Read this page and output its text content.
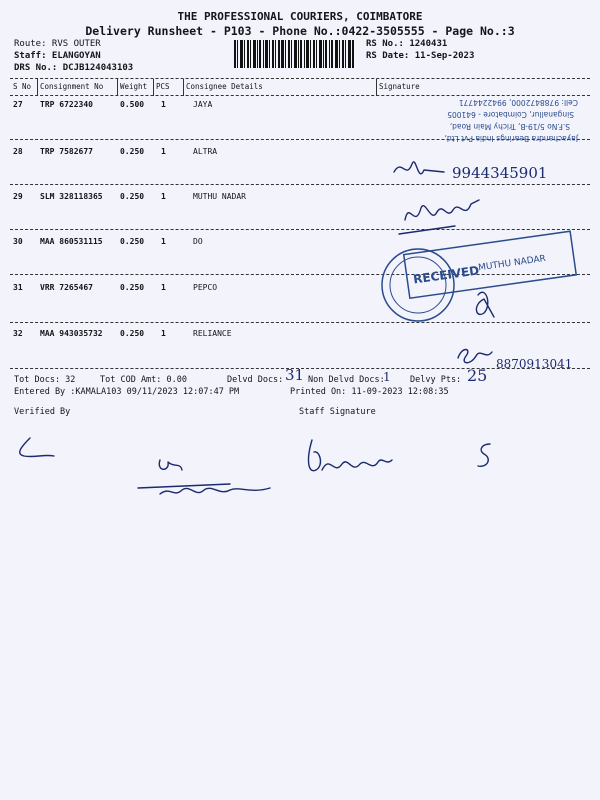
THE PROFESSIONAL COURIERS, COIMBATORE
Delivery Runsheet - P103 - Phone No.:0422-3505555 - Page No.:3
Route: RVS OUTER
Staff: ELANGOYAN
DRS No.: DCJB124043103
RS No.: 1240431
RS Date: 11-Sep-2023
S No Consignment No Weight PCS Consignee Details	Signature
27 TRP 6722340	0.500 1	JAYA
28 TRP 7582677	0.250 1	ALTRA
29 SLM 328118365 0.250 1	MUTHU NADAR
30 MAA 860531115 0.250 1	DO
31 VRR 7265467	0.250 1	PEPCO
32 MAA 943035732 0.250 1	RELIANCE
Jayachandra Bearings India Pvt Ltd,
S.F.No 5/19-B, Trichy Main Road,
Singanallur, Coimbatore - 641005
Cell: 9788472000, 9942244771
9944345901
RECEIVED
MUTHU NADAR
8870913041
Tot Docs: 32	Tot COD Amt: 0.00	Delvd Docs: 31 Non Delvd Docs:
1 Delvy Pts: 25
Entered By :KAMALA103 09/11/2023 12:07:47 PM	Printed On: 11-09-2023 12:08:35
Verified By	Staff Signature
